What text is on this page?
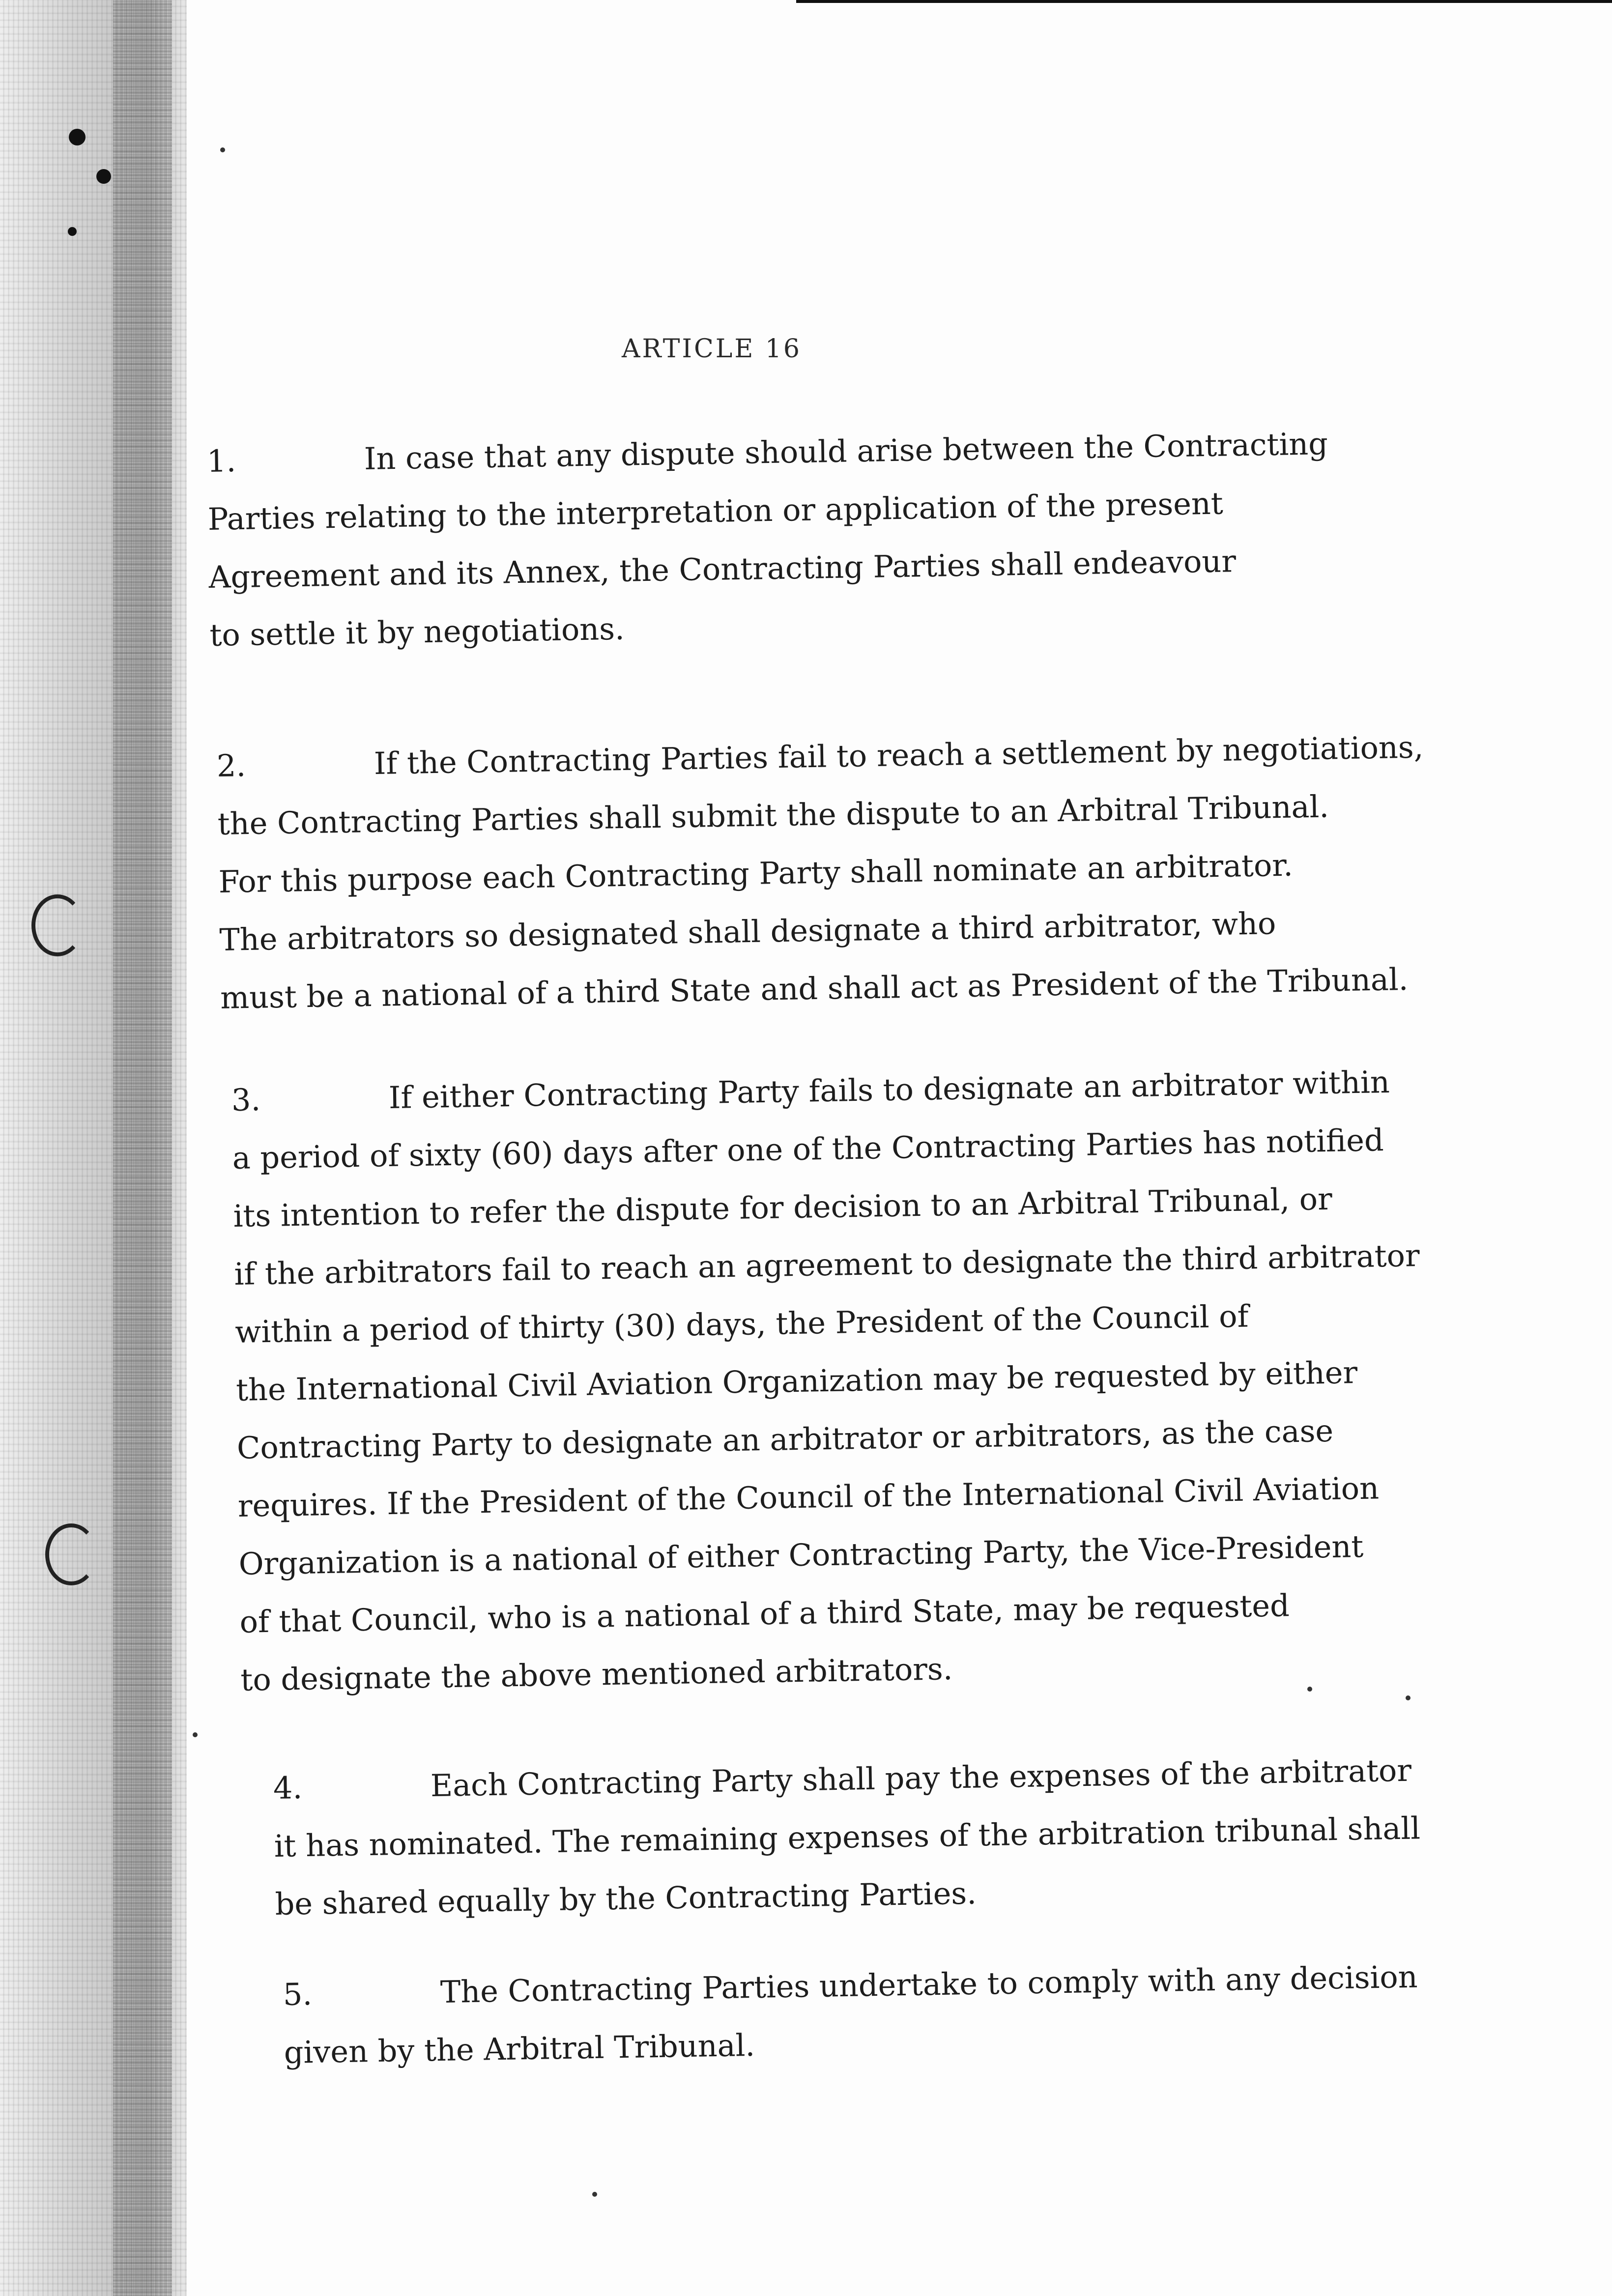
ARTICLE 16
1.	In case that any dispute should arise between the Contracting
Parties relating to the interpretation or application of the present
Agreement and its Annex, the Contracting Parties shall endeavour
to settle it by negotiations.
2.	If the Contracting Parties fail to reach a settlement by negotiations,
the Contracting Parties shall submit the dispute to an Arbitral Tribunal.
For this purpose each Contracting Party shall nominate an arbitrator.
The arbitrators so designated shall designate a third arbitrator, who
must be a national of a third State and shall act as President of the Tribunal.
3.	If either Contracting Party fails to designate an arbitrator within
a period of sixty (60) days after one of the Contracting Parties has notified
its intention to refer the dispute for decision to an Arbitral Tribunal, or
if the arbitrators fail to reach an agreement to designate the third arbitrator
within a period of thirty (30) days, the President of the Council of
the International Civil Aviation Organization may be requested by either
Contracting Party to designate an arbitrator or arbitrators, as the case
requires. If the President of the Council of the International Civil Aviation
Organization is a national of either Contracting Party, the Vice-President
of that Council, who is a national of a third State, may be requested
to designate the above mentioned arbitrators.
4.	Each Contracting Party shall pay the expenses of the arbitrator
it has nominated. The remaining expenses of the arbitration tribunal shall
be shared equally by the Contracting Parties.
5.	The Contracting Parties undertake to comply with any decision
given by the Arbitral Tribunal.
